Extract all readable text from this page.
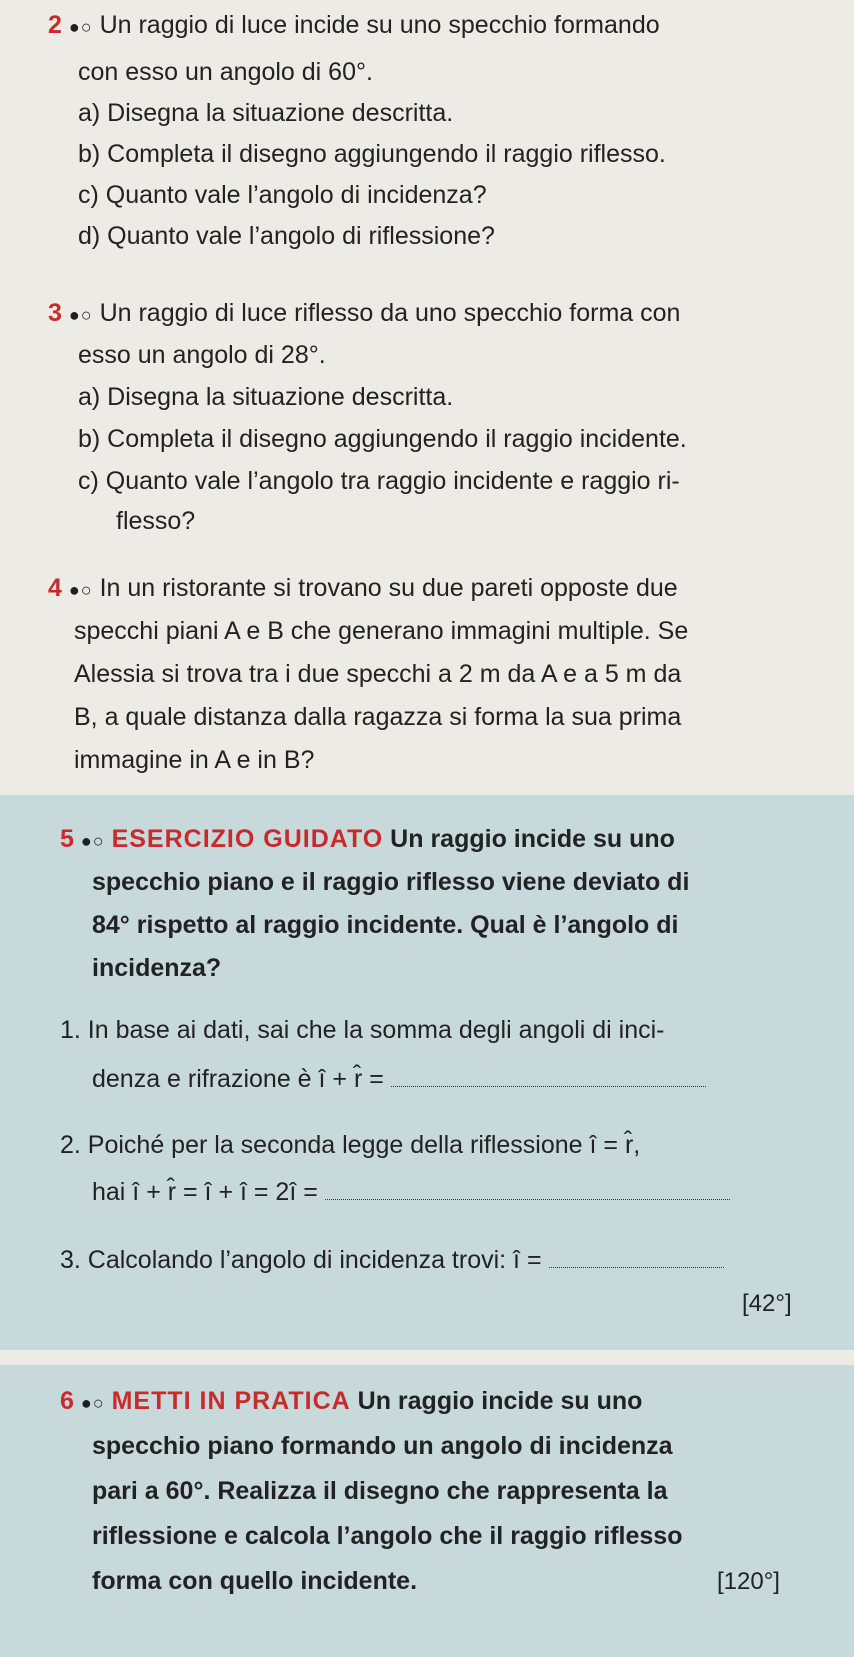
2 ●○ Un raggio di luce incide su uno specchio formando
con esso un angolo di 60°.
a) Disegna la situazione descritta.
b) Completa il disegno aggiungendo il raggio riflesso.
c) Quanto vale l’angolo di incidenza?
d) Quanto vale l’angolo di riflessione?
3 ●○ Un raggio di luce riflesso da uno specchio forma con
esso un angolo di 28°.
a) Disegna la situazione descritta.
b) Completa il disegno aggiungendo il raggio incidente.
c) Quanto vale l’angolo tra raggio incidente e raggio ri-
flesso?
4 ●○ In un ristorante si trovano su due pareti opposte due
specchi piani A e B che generano immagini multiple. Se
Alessia si trova tra i due specchi a 2 m da A e a 5 m da
B, a quale distanza dalla ragazza si forma la sua prima
immagine in A e in B?
5 ●○ ESERCIZIO GUIDATO Un raggio incide su uno
specchio piano e il raggio riflesso viene deviato di
84° rispetto al raggio incidente. Qual è l’angolo di
incidenza?
1. In base ai dati, sai che la somma degli angoli di inci-
denza e rifrazione è î + r̂ =
2. Poiché per la seconda legge della riflessione î = r̂,
hai î + r̂ = î + î = 2î =
3. Calcolando l’angolo di incidenza trovi: î =
[42°]
6 ●○ METTI IN PRATICA Un raggio incide su uno
specchio piano formando un angolo di incidenza
pari a 60°. Realizza il disegno che rappresenta la
riflessione e calcola l’angolo che il raggio riflesso
forma con quello incidente.	[120°]
